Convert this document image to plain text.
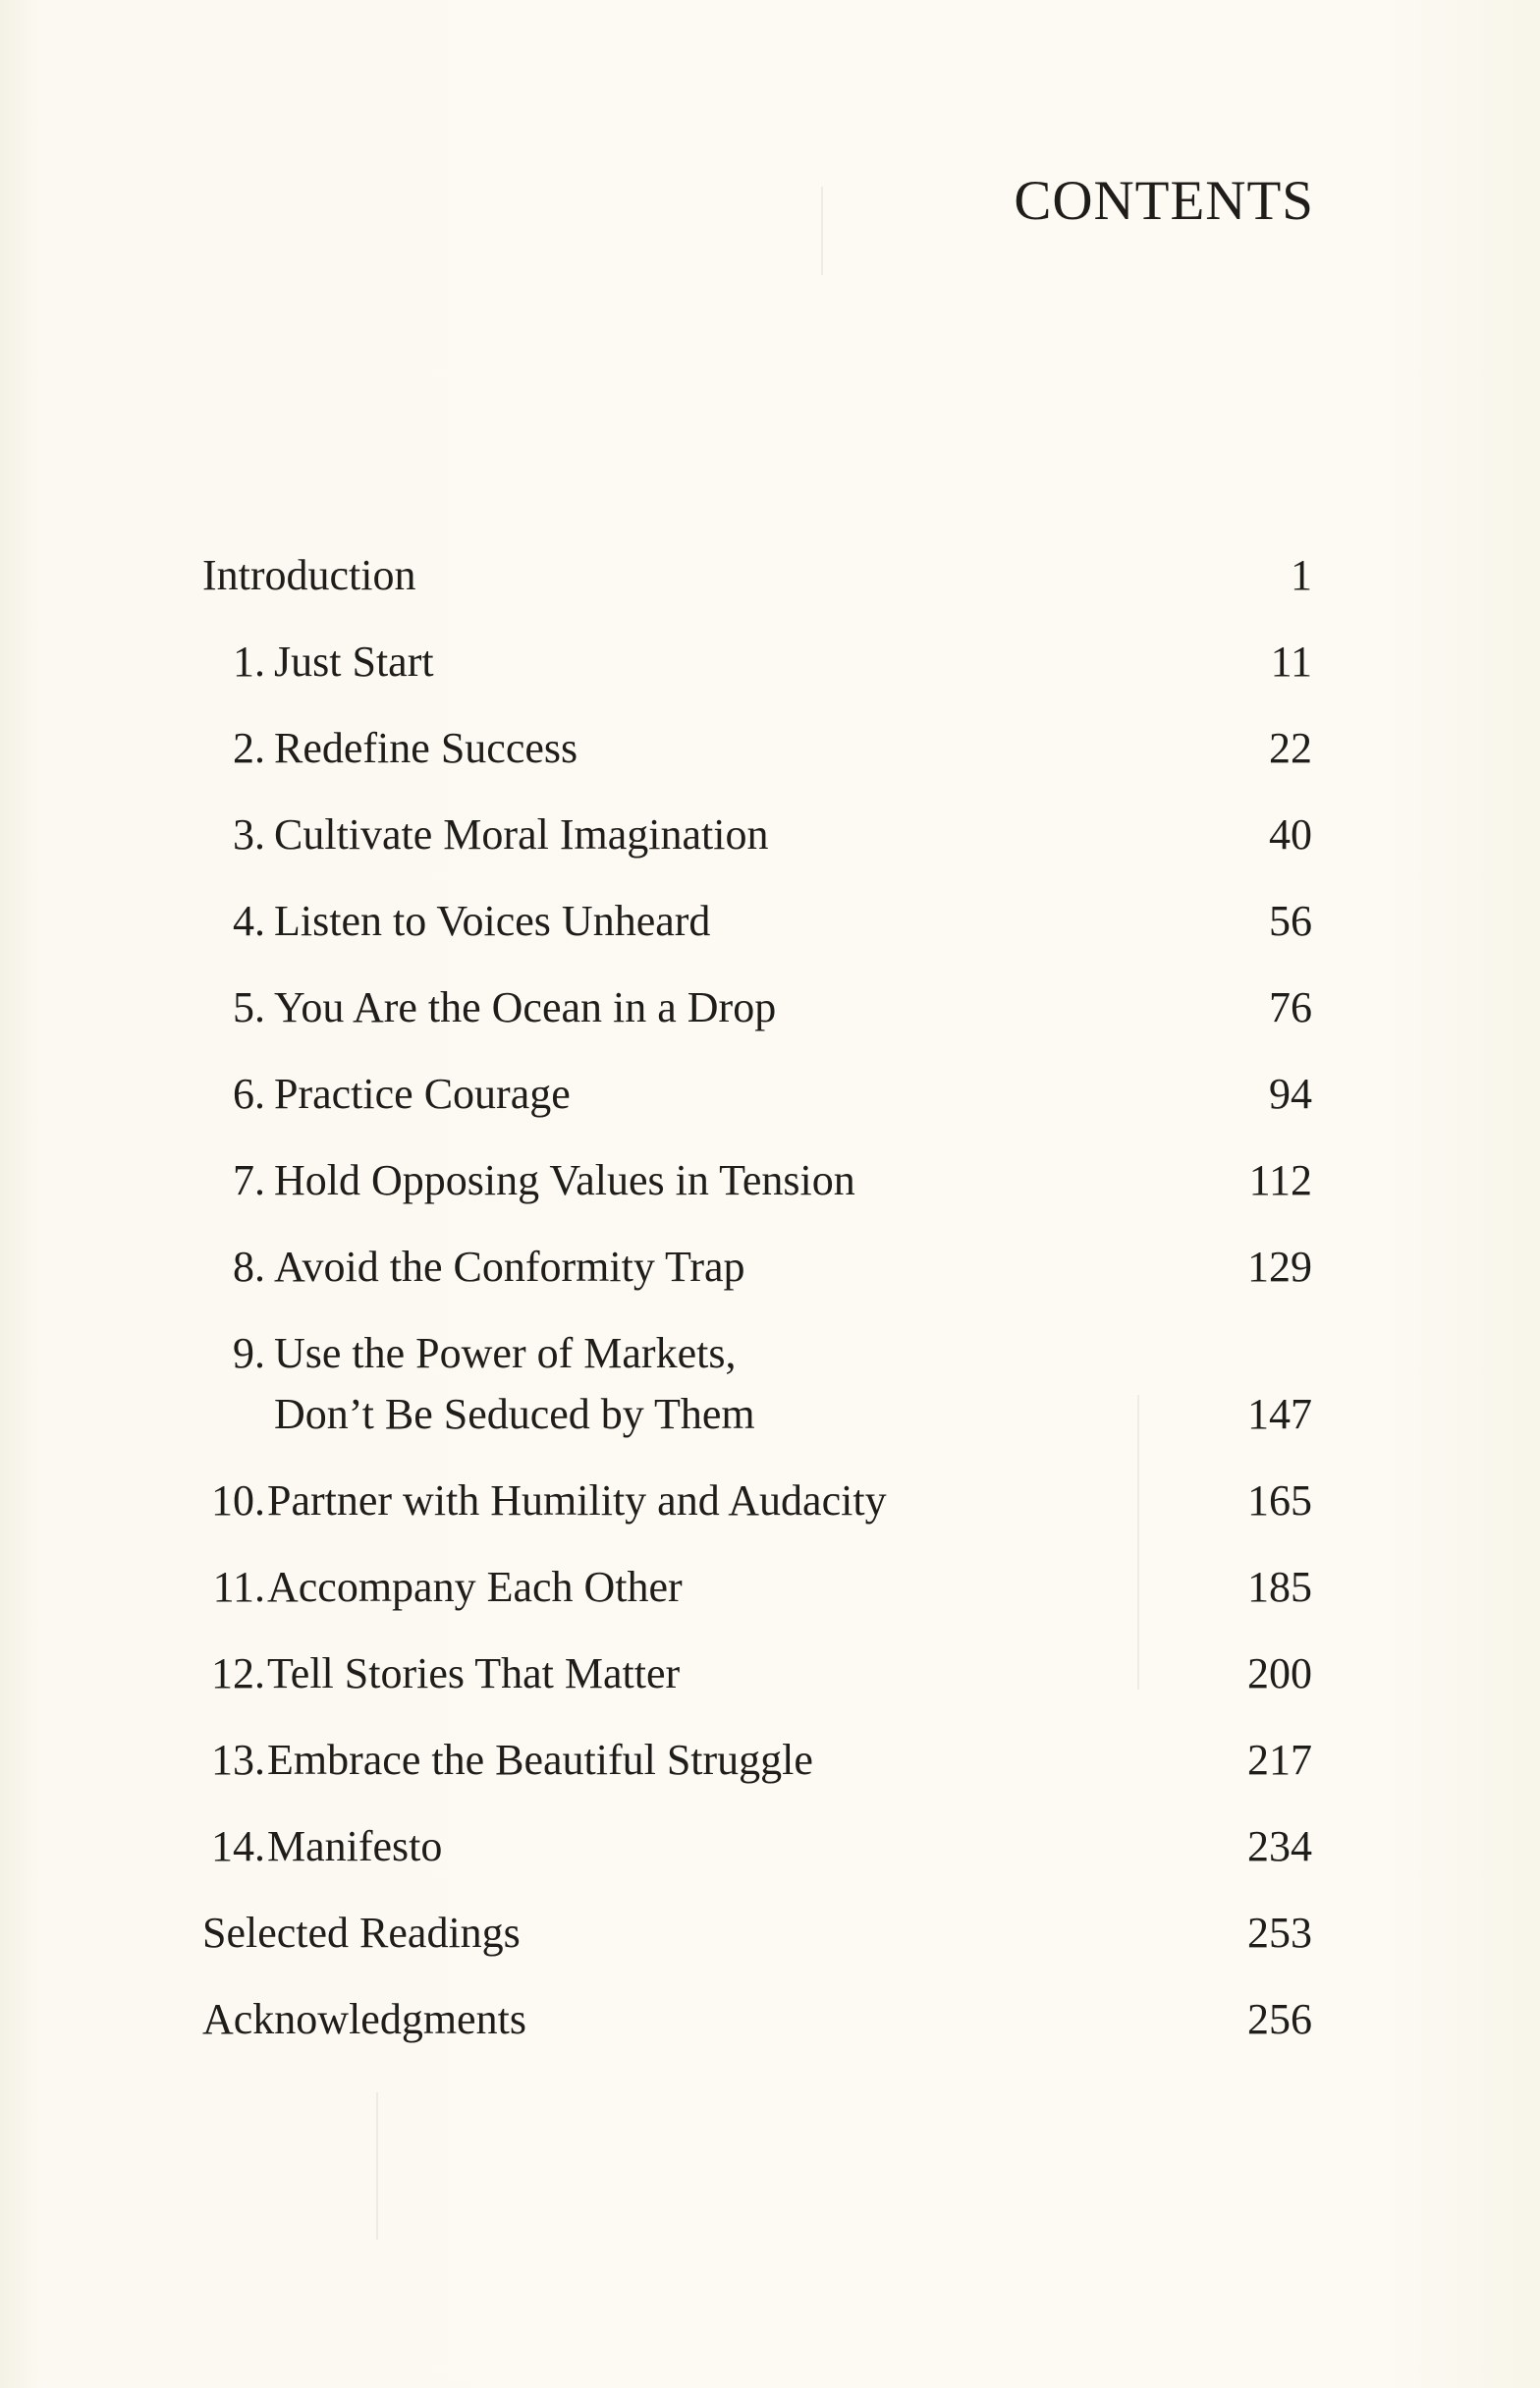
CONTENTS
Introduction	1
1. Just Start	11
2. Redefine Success	22
3. Cultivate Moral Imagination	40
4. Listen to Voices Unheard	56
5. You Are the Ocean in a Drop	76
6. Practice Courage	94
7. Hold Opposing Values in Tension	112
8. Avoid the Conformity Trap	129
9. Use the Power of Markets,
Don’t Be Seduced by Them	147
10. Partner with Humility and Audacity	165
11. Accompany Each Other	185
12. Tell Stories That Matter	200
13. Embrace the Beautiful Struggle	217
14. Manifesto	234
Selected Readings	253
Acknowledgments	256
